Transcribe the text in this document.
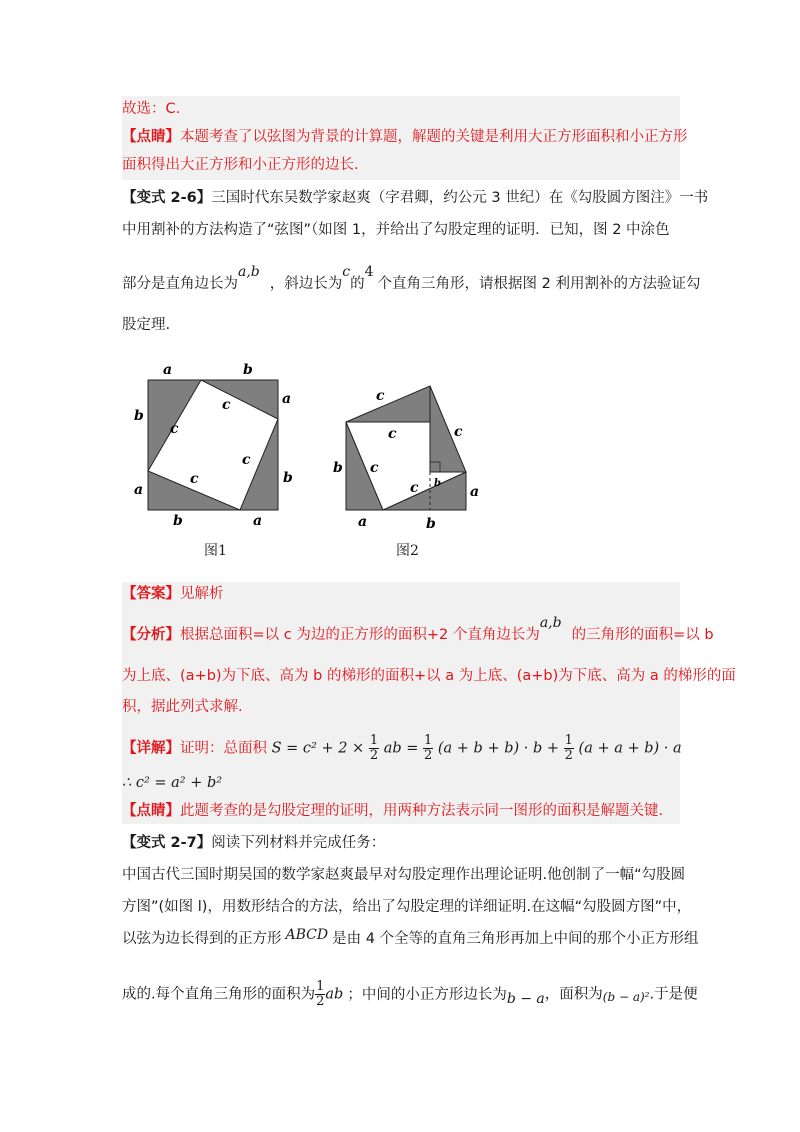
故选：C.
【点睛】本题考查了以弦图为背景的计算题，解题的关键是利用大正方形面积和小正方形
面积得出大正方形和小正方形的边长.
【变式 2-6】三国时代东吴数学家赵爽（字君卿，约公元 3 世纪）在《勾股圆方图注》一书
中用割补的方法构造了“弦图”（如图 1，并给出了勾股定理的证明．已知，图 2 中涂色
部分是直角边长为a,b，斜边长为c的4个直角三角形，请根据图 2 利用割补的方法验证勾
股定理.
a	b
a
b
b	a
a
b
c
c
c
c
图1
c
c	c
c
c
b
a	b
a
b
图2
【答案】见解析
【分析】根据总面积=以 c 为边的正方形的面积+2 个直角边长为a,b的三角形的面积=以 b
为上底、(a+b)为下底、高为 b 的梯形的面积+以 a 为上底、(a+b)为下底、高为 a 的梯形的面
积，据此列式求解.
【详解】证明：总面积 $S = c^2 + 2 \times \frac{1}{2}$ ab = $\frac{1}{2} (a + b + b) \cdot b + \frac{1}{2} (a + a + b) \cdot a$
∴ c² = a² + b²
【点睛】此题考查的是勾股定理的证明，用两种方法表示同一图形的面积是解题关键.
【变式 2-7】阅读下列材料并完成任务：
中国古代三国时期吴国的数学家赵爽最早对勾股定理作出理论证明.他创制了一幅“勾股圆
方图”(如图 l)，用数形结合的方法，给出了勾股定理的详细证明.在这幅“勾股圆方图”中，
以弦为边长得到的正方形 ABCD 是由 4 个全等的直角三角形再加上中间的那个小正方形组
成的.每个直角三角形的面积为 $\frac{1}{2}$ ab ；中间的小正方形边长为b − a，面积为(b − a)².于是便
